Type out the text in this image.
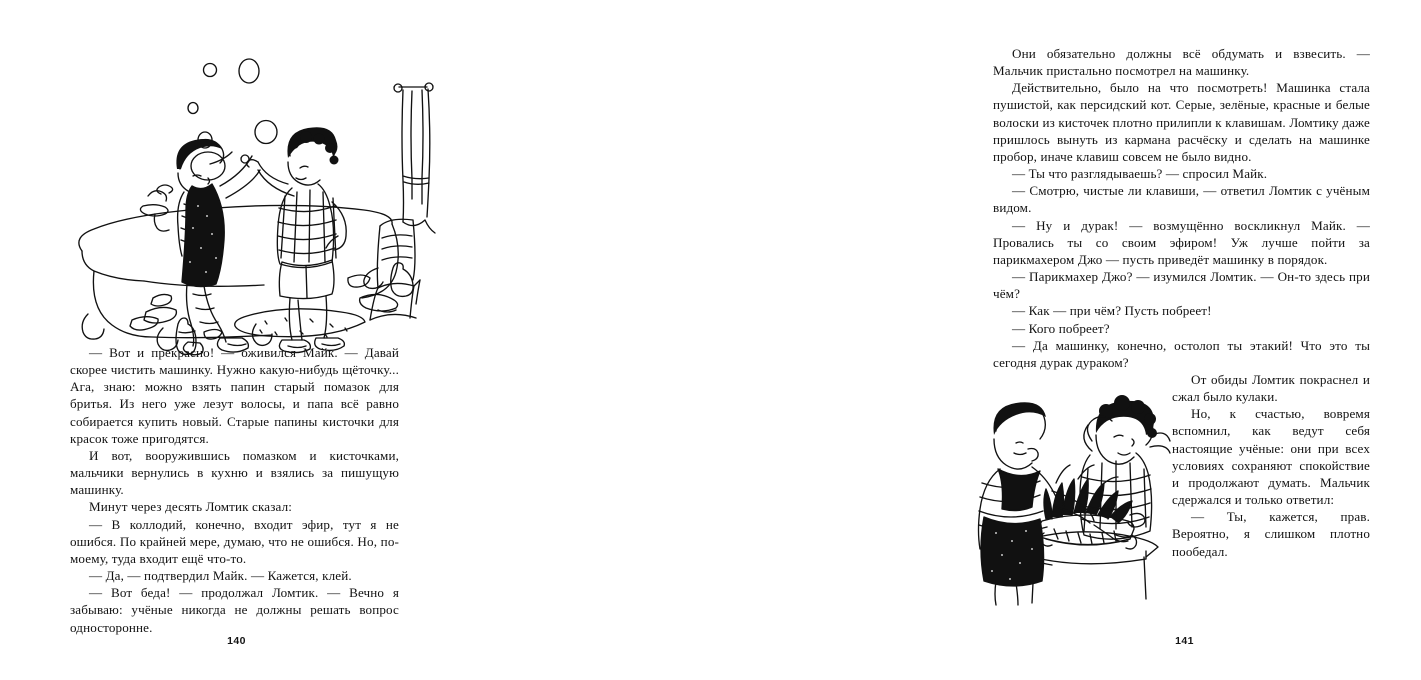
— Вот и прекрасно! — оживился Майк. — Давай скорее чистить машинку. Нужно какую-нибудь щёточку... Ага, знаю: можно взять папин старый помазок для бритья. Из него уже лезут волосы, и папа всё равно собирается купить новый. Старые папины кисточки для красок тоже пригодятся.

И вот, вооружившись помазком и кисточками, мальчики вернулись в кухню и взялись за пишущую машинку.

Минут через десять Ломтик сказал:

— В коллодий, конечно, входит эфир, тут я не ошибся. По крайней мере, думаю, что не ошибся. Но, по-моему, туда входит ещё что-то.

— Да, — подтвердил Майк. — Кажется, клей.

— Вот беда! — продолжал Ломтик. — Вечно я забываю: учёные никогда не должны решать вопрос односторонне.

140

Они обязательно должны всё обдумать и взвесить. — Мальчик пристально посмотрел на машинку.

Действительно, было на что посмотреть! Машинка стала пушистой, как персидский кот. Серые, зелёные, красные и белые волоски из кисточек плотно прилипли к клавишам. Ломтику даже пришлось вынуть из кармана расчёску и сделать на машинке пробор, иначе клавиш совсем не было видно.

— Ты что разглядываешь? — спросил Майк.

— Смотрю, чистые ли клавиши, — ответил Ломтик с учёным видом.

— Ну и дурак! — возмущённо воскликнул Майк. — Провались ты со своим эфиром! Уж лучше пойти за парикмахером Джо — пусть приведёт машинку в порядок.

— Парикмахер Джо? — изумился Ломтик. — Он-то здесь при чём?

— Как — при чём? Пусть побреет!

— Кого побреет?

— Да машинку, конечно, остолоп ты этакий! Что это ты сегодня дурак дураком?

От обиды Ломтик покраснел и сжал было кулаки.

Но, к счастью, вовремя вспомнил, как ведут себя настоящие учёные: они при всех условиях сохраняют спокойствие и продолжают думать. Мальчик сдержался и только ответил:

— Ты, кажется, прав. Вероятно, я слишком плотно пообедал.

141
